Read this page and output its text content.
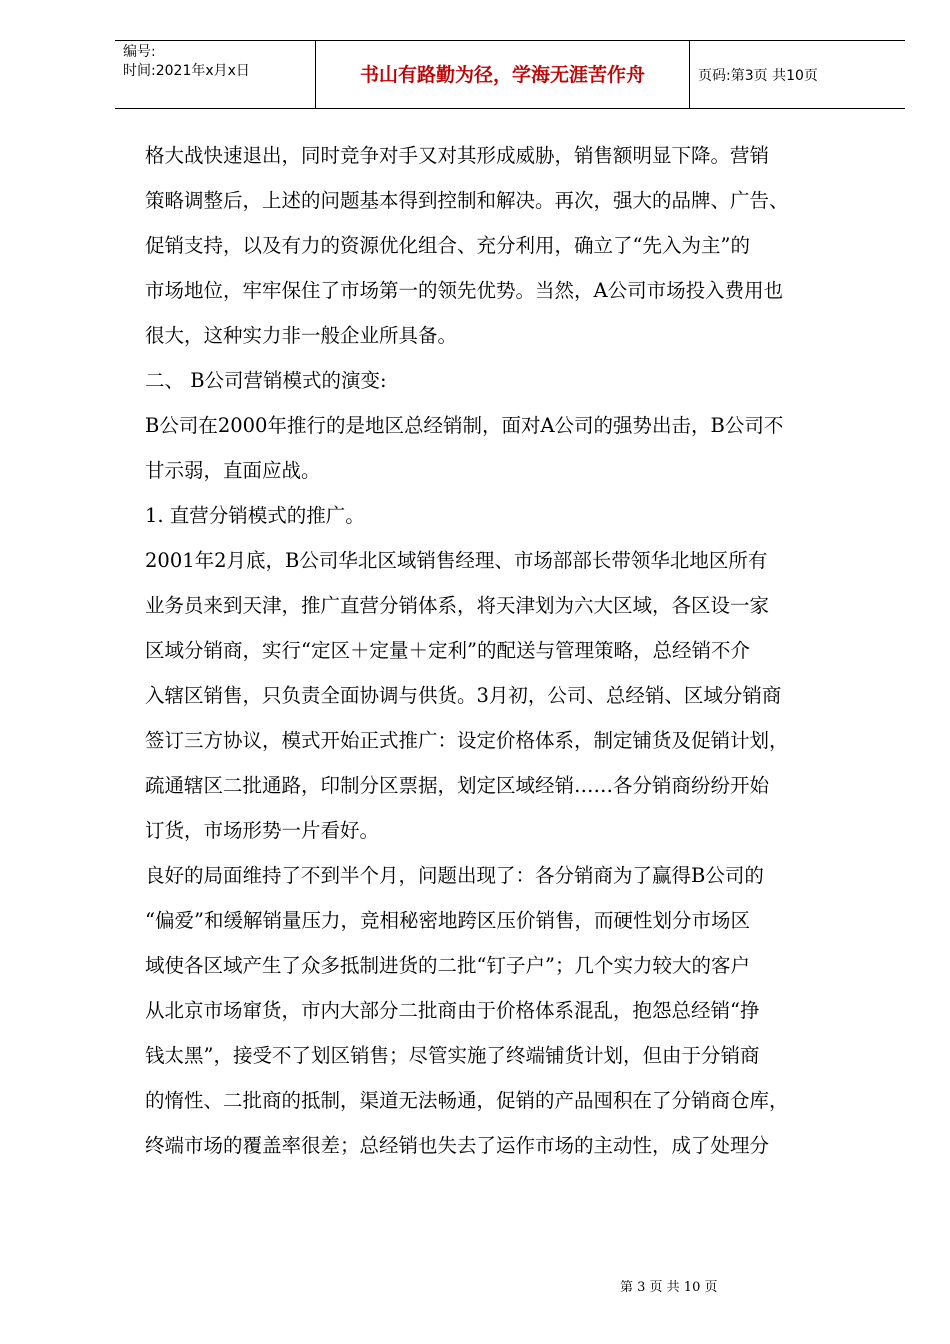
编号:
时间:2021年x月x日	书山有路勤为径，学海无涯苦作舟	页码:第3页 共10页
格大战快速退出，同时竞争对手又对其形成威胁，销售额明显下降。营销
策略调整后，上述的问题基本得到控制和解决。再次，强大的品牌、广告、
促销支持，以及有力的资源优化组合、充分利用，确立了“先入为主”的
市场地位，牢牢保住了市场第一的领先优势。当然，A公司市场投入费用也
很大，这种实力非一般企业所具备。
二、 B公司营销模式的演变:
B公司在2000年推行的是地区总经销制，面对A公司的强势出击，B公司不
甘示弱，直面应战。
1. 直营分销模式的推广。
2001年2月底，B公司华北区域销售经理、市场部部长带领华北地区所有
业务员来到天津，推广直营分销体系，将天津划为六大区域，各区设一家
区域分销商，实行“定区＋定量＋定利”的配送与管理策略，总经销不介
入辖区销售，只负责全面协调与供货。3月初，公司、总经销、区域分销商
签订三方协议，模式开始正式推广：设定价格体系，制定铺货及促销计划，
疏通辖区二批通路，印制分区票据，划定区域经销……各分销商纷纷开始
订货，市场形势一片看好。
良好的局面维持了不到半个月，问题出现了：各分销商为了赢得B公司的
“偏爱”和缓解销量压力，竞相秘密地跨区压价销售，而硬性划分市场区
域使各区域产生了众多抵制进货的二批“钉子户”；几个实力较大的客户
从北京市场窜货，市内大部分二批商由于价格体系混乱，抱怨总经销“挣
钱太黑”，接受不了划区销售；尽管实施了终端铺货计划，但由于分销商
的惰性、二批商的抵制，渠道无法畅通，促销的产品囤积在了分销商仓库，
终端市场的覆盖率很差；总经销也失去了运作市场的主动性，成了处理分
第 3 页 共 10 页
